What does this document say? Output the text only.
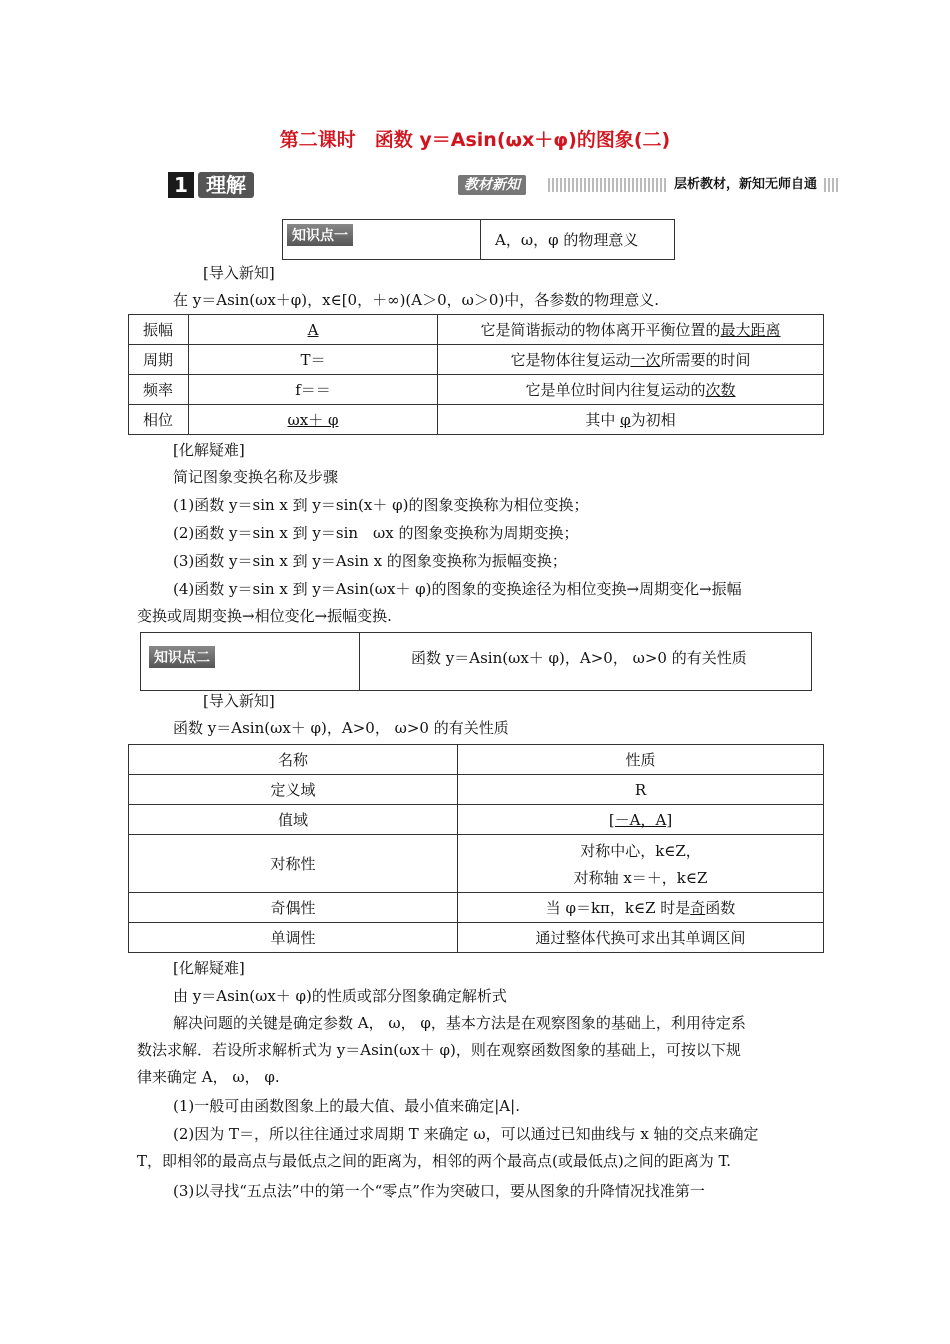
第二课时　函数 y＝Asin(ωx＋φ)的图象(二)
1 理解	教材新知	层析教材，新知无师自通
知识点一	A，ω，φ 的物理意义
[导入新知]
在 y＝Asin(ωx＋φ)，x∈[0，＋∞)(A＞0，ω＞0)中，各参数的物理意义.
振幅	A	它是简谐振动的物体离开平衡位置的最大距离
周期	T＝	它是物体往复运动一次所需要的时间
频率	f＝＝	它是单位时间内往复运动的次数
相位	ωx＋ φ	其中 φ为初相
[化解疑难]
简记图象变换名称及步骤
(1)函数 y＝sin x 到 y＝sin(x＋ φ)的图象变换称为相位变换；
(2)函数 y＝sin x 到 y＝sin　ωx 的图象变换称为周期变换；
(3)函数 y＝sin x 到 y＝Asin x 的图象变换称为振幅变换；
(4)函数 y＝sin x 到 y＝Asin(ωx＋ φ)的图象的变换途径为相位变换→周期变化→振幅
变换或周期变换→相位变化→振幅变换.
知识点二	函数 y＝Asin(ωx＋ φ)，A>0， ω>0 的有关性质
[导入新知]
函数 y＝Asin(ωx＋ φ)，A>0， ω>0 的有关性质
名称	性质
定义域	R
值域	[－A，A]
对称性	对称中心，k∈Z，
对称轴 x＝＋，k∈Z

奇偶性	当 φ＝kπ，k∈Z 时是奇函数
单调性	通过整体代换可求出其单调区间
[化解疑难]
由 y＝Asin(ωx＋ φ)的性质或部分图象确定解析式
解决问题的关键是确定参数 A， ω， φ，基本方法是在观察图象的基础上，利用待定系
数法求解．若设所求解析式为 y＝Asin(ωx＋ φ)，则在观察函数图象的基础上，可按以下规
律来确定 A， ω， φ.
(1)一般可由函数图象上的最大值、最小值来确定|A|.
(2)因为 T＝，所以往往通过求周期 T 来确定 ω，可以通过已知曲线与 x 轴的交点来确定
T，即相邻的最高点与最低点之间的距离为，相邻的两个最高点(或最低点)之间的距离为 T.
(3)以寻找“五点法”中的第一个“零点”作为突破口，要从图象的升降情况找准第一
